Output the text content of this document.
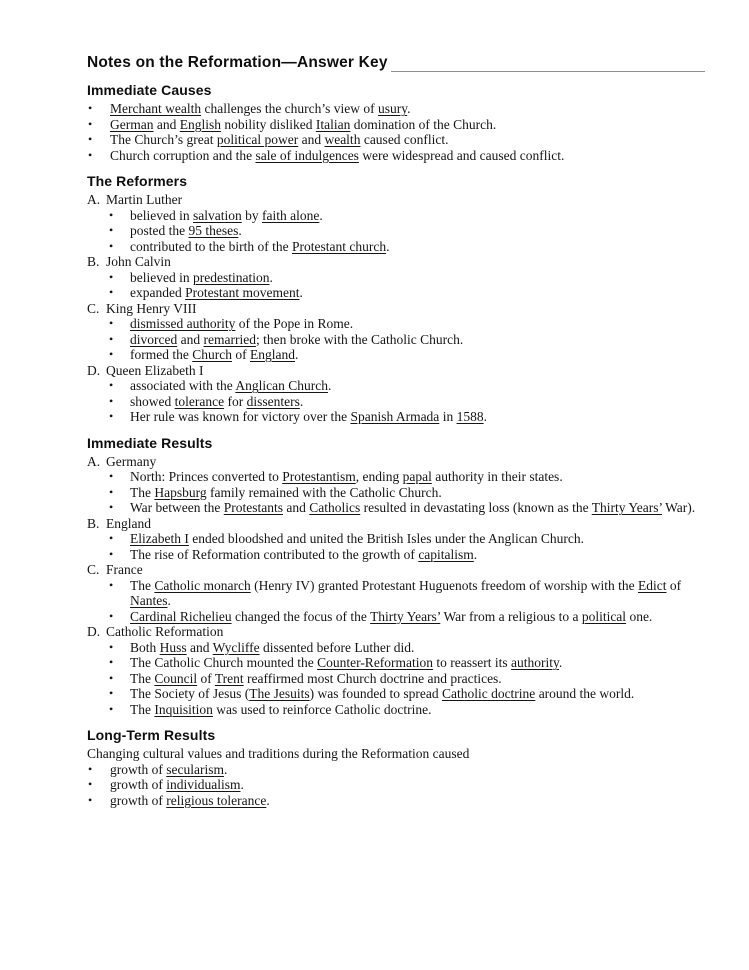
Notes on the Reformation—Answer Key
Immediate Causes
• Merchant wealth challenges the church’s view of usury.
• German and English nobility disliked Italian domination of the Church.
• The Church’s great political power and wealth caused conflict.
• Church corruption and the sale of indulgences were widespread and caused conflict.
The Reformers
A. Martin Luther
• believed in salvation by faith alone.
• posted the 95 theses.
• contributed to the birth of the Protestant church.
B. John Calvin
• believed in predestination.
• expanded Protestant movement.
C. King Henry VIII
• dismissed authority of the Pope in Rome.
• divorced and remarried; then broke with the Catholic Church.
• formed the Church of England.
D. Queen Elizabeth I
• associated with the Anglican Church.
• showed tolerance for dissenters.
• Her rule was known for victory over the Spanish Armada in 1588.
Immediate Results
A. Germany
• North: Princes converted to Protestantism, ending papal authority in their states.
• The Hapsburg family remained with the Catholic Church.
• War between the Protestants and Catholics resulted in devastating loss (known as the Thirty Years’ War).
B. England
• Elizabeth I ended bloodshed and united the British Isles under the Anglican Church.
• The rise of Reformation contributed to the growth of capitalism.
C. France
• The Catholic monarch (Henry IV) granted Protestant Huguenots freedom of worship with the Edict of Nantes.
• Cardinal Richelieu changed the focus of the Thirty Years’ War from a religious to a political one.
D. Catholic Reformation
• Both Huss and Wycliffe dissented before Luther did.
• The Catholic Church mounted the Counter-Reformation to reassert its authority.
• The Council of Trent reaffirmed most Church doctrine and practices.
• The Society of Jesus (The Jesuits) was founded to spread Catholic doctrine around the world.
• The Inquisition was used to reinforce Catholic doctrine.
Long-Term Results
Changing cultural values and traditions during the Reformation caused
• growth of secularism.
• growth of individualism.
• growth of religious tolerance.
